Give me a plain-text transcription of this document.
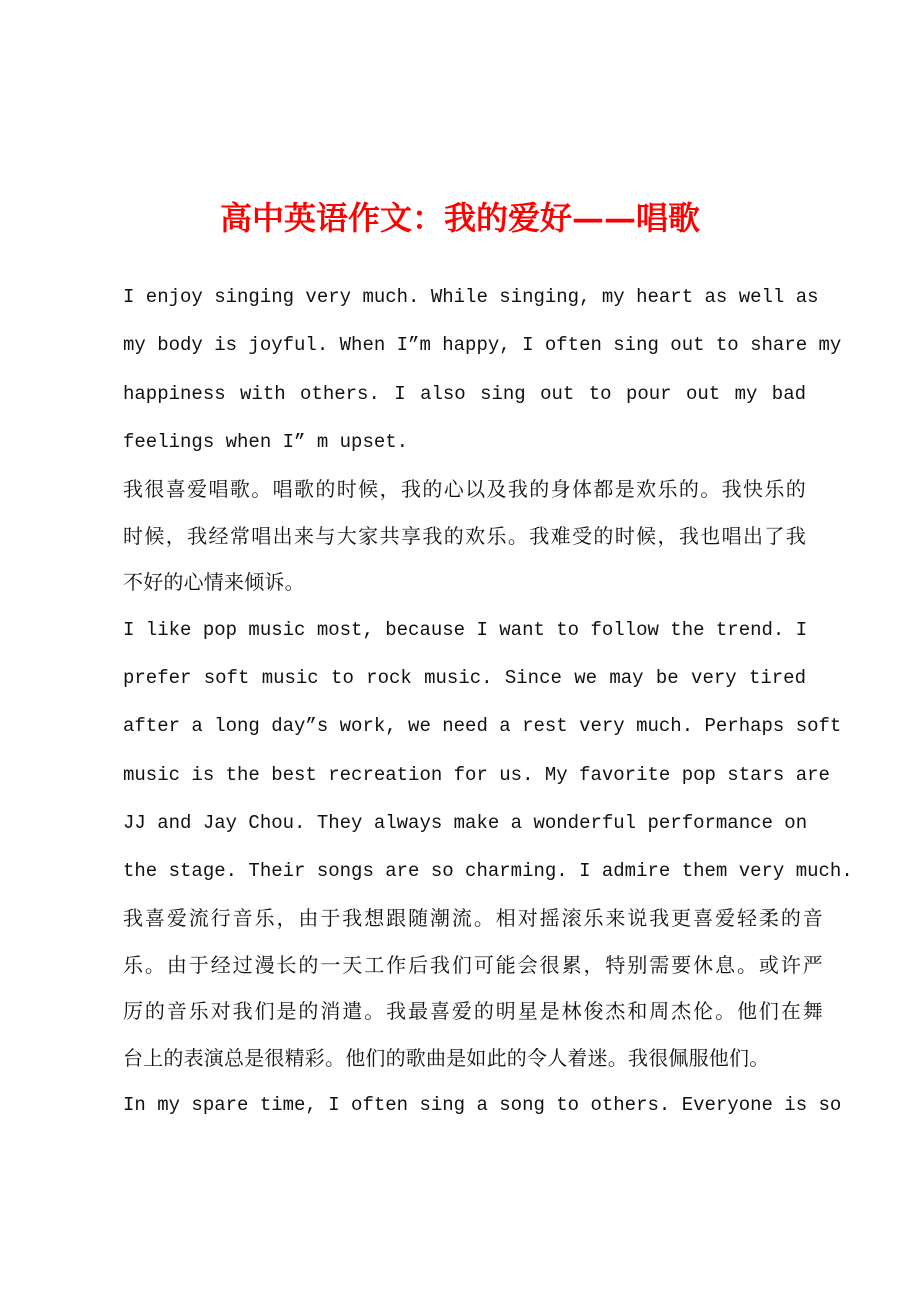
高中英语作文：我的爱好——唱歌
I enjoy singing very much. While singing, my heart as well as
my body is joyful. When I”m happy, I often sing out to share my
happiness with others. I also sing out to pour out my bad
feelings when I” m upset.
我很喜爱唱歌。唱歌的时候，我的心以及我的身体都是欢乐的。我快乐的
时候，我经常唱出来与大家共享我的欢乐。我难受的时候，我也唱出了我
不好的心情来倾诉。
I like pop music most, because I want to follow the trend. I
prefer soft music to rock music. Since we may be very tired
after a long day”s work, we need a rest very much. Perhaps soft
music is the best recreation for us. My favorite pop stars are
JJ and Jay Chou. They always make a wonderful performance on
the stage. Their songs are so charming. I admire them very much.
我喜爱流行音乐，由于我想跟随潮流。相对摇滚乐来说我更喜爱轻柔的音
乐。由于经过漫长的一天工作后我们可能会很累，特别需要休息。或许严
厉的音乐对我们是的消遣。我最喜爱的明星是林俊杰和周杰伦。他们在舞
台上的表演总是很精彩。他们的歌曲是如此的令人着迷。我很佩服他们。
In my spare time, I often sing a song to others. Everyone is so
